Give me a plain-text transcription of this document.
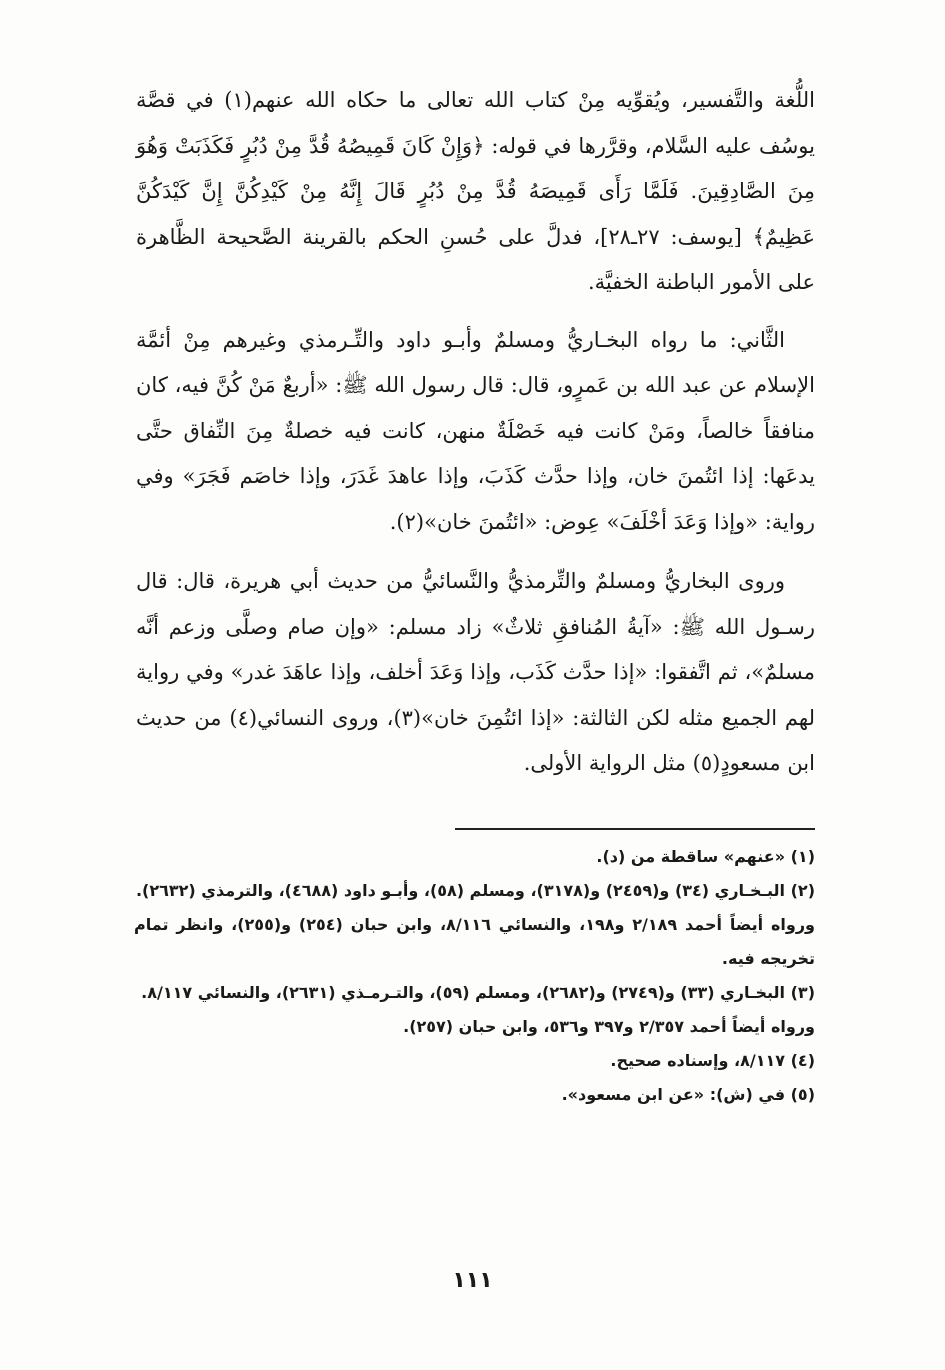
اللُّغة والتَّفسير، ويُقوِّيه مِنْ كتاب الله تعالى ما حكاه الله عنهم(١) في قصَّة يوسُف عليه السَّلام، وقرَّرها في قوله: ﴿وَإِنْ كَانَ قَمِيصُهُ قُدَّ مِنْ دُبُرٍ فَكَذَبَتْ وَهُوَ مِنَ الصَّادِقِينَ. فَلَمَّا رَأَى قَمِيصَهُ قُدَّ مِنْ دُبُرٍ قَالَ إِنَّهُ مِنْ كَيْدِكُنَّ إِنَّ كَيْدَكُنَّ عَظِيمٌ﴾ [يوسف: ٢٧ـ٢٨]، فدلَّ على حُسنِ الحكم بالقرينة الصَّحيحة الظَّاهرة على الأمور الباطنة الخفيَّة.

الثَّاني: ما رواه البخـاريُّ ومسلمٌ وأبـو داود والتِّـرمذي وغيرهم مِنْ أئمَّة الإسلام عن عبد الله بن عَمرٍو، قال: قال رسول الله ﷺ: «أربعٌ مَنْ كُنَّ فيه، كان منافقاً خالصاً، ومَنْ كانت فيه خَصْلَةٌ منهن، كانت فيه خصلةٌ مِنَ النِّفاق حتَّى يدعَها: إذا ائتُمنَ خان، وإذا حدَّث كَذَبَ، وإذا عاهدَ غَدَرَ، وإذا خاصَم فَجَرَ» وفي رواية: «وإذا وَعَدَ أخْلَفَ» عِوض: «ائتُمنَ خان»(٢).

وروى البخاريُّ ومسلمٌ والتِّرمذيُّ والنَّسائيُّ من حديث أبي هريرة، قال: قال رسـول الله ﷺ: «آيةُ المُنافقِ ثلاثٌ» زاد مسلم: «وإن صام وصلَّى وزعم أنَّه مسلمٌ»، ثم اتَّفقوا: «إذا حدَّث كَذَب، وإذا وَعَدَ أخلف، وإذا عاهَدَ غدر» وفي رواية لهم الجميع مثله لكن الثالثة: «إذا ائتُمِنَ خان»(٣)، وروى النسائي(٤) من حديث ابن مسعودٍ(٥) مثل الرواية الأولى.

(١) «عنهم» ساقطة من (د).

(٢) البـخـاري (٣٤) و(٢٤٥٩) و(٣١٧٨)، ومسلم (٥٨)، وأبـو داود (٤٦٨٨)، والترمذي (٢٦٣٢).

ورواه أيضاً أحمد ٢/١٨٩ و١٩٨، والنسائي ٨/١١٦، وابن حبان (٢٥٤) و(٢٥٥)، وانظر تمام تخريجه فيه.

(٣) البخـاري (٣٣) و(٢٧٤٩) و(٢٦٨٢)، ومسلم (٥٩)، والتـرمـذي (٢٦٣١)، والنسائي ٨/١١٧.

ورواه أيضاً أحمد ٢/٣٥٧ و٣٩٧ و٥٣٦، وابن حبان (٢٥٧).

(٤) ٨/١١٧، وإسناده صحيح.

(٥) في (ش): «عن ابن مسعود».

١١١
